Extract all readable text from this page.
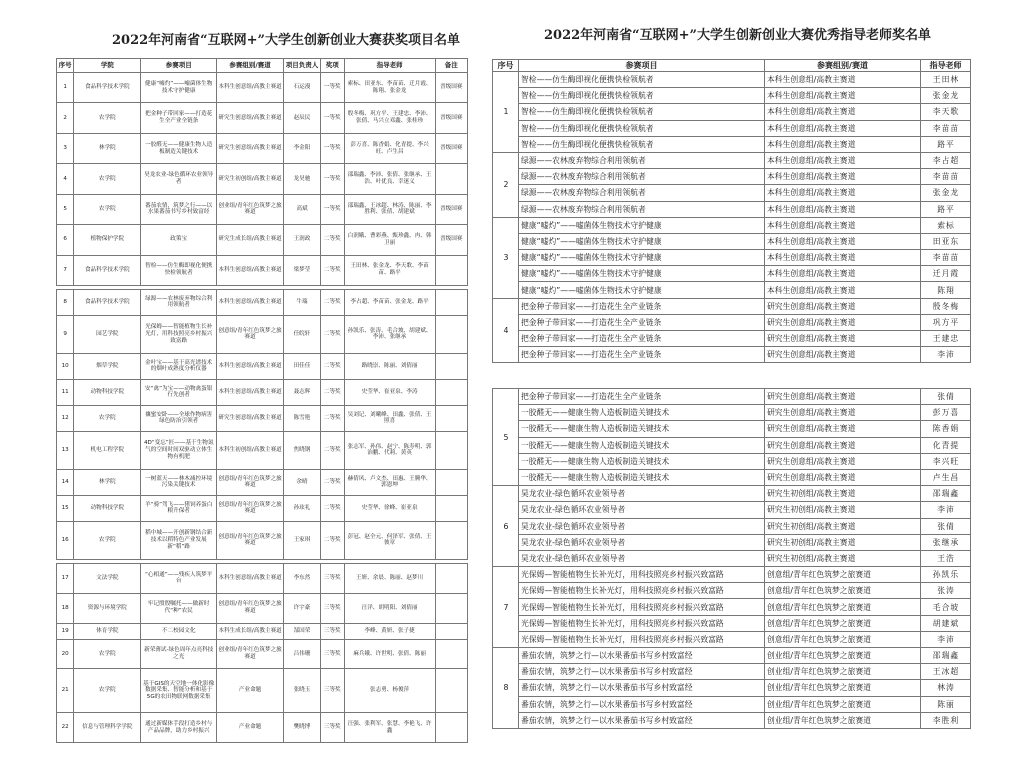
2022年河南省“互联网+”大学生创新创业大赛获奖项目名单	2022年河南省“互联网+”大学生创新创业大赛优秀指导老师奖名单
序号	学院	参赛项目	参赛组别/赛道	项目负责人	奖项	指导老师	备注
1	食品科学技术学院	健康“嘘灼”——嘘菌体生物技术守护健康	本科生创意组/高教主赛道	石运漫	一等奖	索标、田亚东、李苗苗、迁月霞、陈翔、张金龙	晋级国赛
2	农学院	把金种子带回家——打造花生全产业全链条	研究生创意组/高教主赛道	赵辰民	一等奖	殷冬梅、巩方平、王建忠、李沛、张倩、马兴立邓鑫、张桂珍	晋级国赛
3	林学院	一胶醛无——健康生物人造板制造关键技术	研究生创意组/高教主赛道	李金阳	一等奖	彭万喜、陈香娟、化青提、李兴旺、卢生昌	晋级国赛
4	农学院	昊龙农业-绿色循环农业领导者	研究生初创组/高教主赛道	龙昊驰	一等奖	邵瑞鑫、李沛、张倩、张继承、王浩、叶优良、幸迷义	
5	农学院	番茄农情，筑梦之行——以水果番茄书写乡村致富经	创业组/青年红色筑梦之旅赛道	高斌	一等奖	邵瑞鑫、王冰超、林涛、陈丽、李胜利、张倩、胡建斌	晋级国赛
6	植物保护学院	政策宝	研究生成长组/高教主赛道	王润政	二等奖	白润娥、曹彩燕、甄珍鑫、冉、韩卫丽	晋级国赛
7	食品科学技术学院	智检——仿生酶即视化便携快检领航者	本科生创意组/高教主赛道	梁梦莹	二等奖	王田林、张金龙、李天歌、李苗苗、路平	
8	食品科学技术学院	绿源——农林废弃物综合利用领航者	本科生创意组/高教主赛道	牛瑞	二等奖	李占超、李苗苗、张金龙、路平	
9	园艺学院	光保姆——智能植物生长补光灯，用科技照亮乡村振兴致富路	创意组/青年红色筑梦之旅赛道	任皖轩	二等奖	孙凯乐、张涛、毛合坡、胡建斌、李沛、张继承	
10	烟草学院	金叶宝——基于高光谱技术的烟叶成熟度分析仪器	本科生创意组/高教主赛道	田佳佳	二等奖	路晓崇、陈丽、刘倩丽	
11	动物科技学院	安“禽”为宝——动物禽蛋银行先创者	本科生创意组/高教主赛道	聂志辉	二等奖	史莹华、崔亚泉、李涛	
12	农学院	禳蜜安卧——全球作物病害绿色防治引领者	研究生创意组/高教主赛道	陈雪艳	二等奖	吴刘记、刘曦峰、田鑫、张倩、王照喜	
13	机电工程学院	4D“变忘”匠——基于生物氮气的空间时间双驱动立体生物有机肥	本科生初创组/高教主赛道	焦晓钢	二等奖	张志军、孙伟、赵宁、陈寿明、郭治鹏、代莉、黄英	
14	林学院	一树蓝天——林木减控环境污染关键技术	创意组/青年红色筑梦之旅赛道	余晴	二等奖	赫倩风、卢文杰、田惠、王腾华、郭恩坤	
15	动物科技学院	羊“骑”驾飞——猪饲养蛋白粮升保者	创意组/青年红色筑梦之旅赛道	孙玹礼	二等奖	史莹华、徐峰、崔亚泉	
16	农学院	稻中城——开创新钢结合新技术以稻特色产业发展新“稻”路	创意组/青年红色筑梦之旅赛道	王家琪	二等奖	彭冠、赵全元、何泽军、张倩、王彼章	
17	文法学院	“心相通”——残疾人筑梦平台	本科生创意组/高教主赛道	李东然	三等奖	王妍、余晨、陈丽、赵梦川	
18	资源与环境学院	牢记殷殷嘱托——做新时代“种”农民	创意组/青年红色筑梦之旅赛道	许宇豪	三等奖	汪洋、胡明阳、刘倩丽	
19	体育学院	不二校园文化	本科生成长组/高教主赛道	郜国荣	三等奖	李峰、黄妍、张子捷	
20	农学院	新荣薄试-绿色周年点亮科技之光	创业组/青年红色筑梦之旅赛道	吕伟珊	三等奖	麻兵娥、许世明、张倩、陈丽	
21	农学院	基于GIS的天空地一体化影像数据采集、智能分析和基于5G的农田物联网数据采集	产业命题	张晓玉	三等奖	张志勇、杨俊萍	
22	信息与管理科学学院	通过新媒体手段打造乡村与产品品牌，助力乡村振兴	产业命题	樊晓博	三等奖	汪强、张利军、张慧、李艳飞、许鑫	
序号	参赛项目	参赛组别/赛道	指导老师
1	智检——仿生酶即视化便携快检领航者	本科生创意组/高教主赛道	王田林
	智检——仿生酶即视化便携快检领航者	本科生创意组/高教主赛道	张金龙
	智检——仿生酶即视化便携快检领航者	本科生创意组/高教主赛道	李天歌
	智检——仿生酶即视化便携快检领航者	本科生创意组/高教主赛道	李苗苗
	智检——仿生酶即视化便携快检领航者	本科生创意组/高教主赛道	路平
2	绿源——农林废弃物综合利用领航者	本科生创意组/高教主赛道	李占超
	绿源——农林废弃物综合利用领航者	本科生创意组/高教主赛道	李苗苗
	绿源——农林废弃物综合利用领航者	本科生创意组/高教主赛道	张金龙
	绿源——农林废弃物综合利用领航者	本科生创意组/高教主赛道	路平
3	健康“嘘灼”——嘘菌体生物技术守护健康	本科生创意组/高教主赛道	索标
	健康“嘘灼”——嘘菌体生物技术守护健康	本科生创意组/高教主赛道	田亚东
	健康“嘘灼”——嘘菌体生物技术守护健康	本科生创意组/高教主赛道	李苗苗
	健康“嘘灼”——嘘菌体生物技术守护健康	本科生创意组/高教主赛道	迁月霞
	健康“嘘灼”——嘘菌体生物技术守护健康	本科生创意组/高教主赛道	陈翔
4	把金种子带回家——打造花生全产业链条	研究生创意组/高教主赛道	殷冬梅
	把金种子带回家——打造花生全产业链条	研究生创意组/高教主赛道	巩方平
	把金种子带回家——打造花生全产业链条	研究生创意组/高教主赛道	王建忠
	把金种子带回家——打造花生全产业链条	研究生创意组/高教主赛道	李沛
5	把金种子带回家——打造花生全产业链条	研究生创意组/高教主赛道	张倩
	一胶醛无——健康生物人造板制造关键技术	研究生创意组/高教主赛道	彭万喜
	一胶醛无——健康生物人造板制造关键技术	研究生创意组/高教主赛道	陈香娟
	一胶醛无——健康生物人造板制造关键技术	研究生创意组/高教主赛道	化青提
	一胶醛无——健康生物人造板制造关键技术	研究生创意组/高教主赛道	李兴旺
	一胶醛无——健康生物人造板制造关键技术	研究生创意组/高教主赛道	卢生昌
6	昊龙农业-绿色循环农业领导者	研究生初创组/高教主赛道	邵瑞鑫
	昊龙农业-绿色循环农业领导者	研究生初创组/高教主赛道	李沛
	昊龙农业-绿色循环农业领导者	研究生初创组/高教主赛道	张倩
	昊龙农业-绿色循环农业领导者	研究生初创组/高教主赛道	张继承
	昊龙农业-绿色循环农业领导者	研究生初创组/高教主赛道	王浩
7	光保姆—智能植物生长补光灯，用科技照亮乡村振兴致富路	创意组/青年红色筑梦之旅赛道	孙凯乐
	光保姆—智能植物生长补光灯，用科技照亮乡村振兴致富路	创意组/青年红色筑梦之旅赛道	张涛
	光保姆—智能植物生长补光灯，用科技照亮乡村振兴致富路	创意组/青年红色筑梦之旅赛道	毛合坡
	光保姆—智能植物生长补光灯，用科技照亮乡村振兴致富路	创意组/青年红色筑梦之旅赛道	胡建斌
	光保姆—智能植物生长补光灯，用科技照亮乡村振兴致富路	创意组/青年红色筑梦之旅赛道	李沛
8	番茄农情，筑梦之行—以水果番茄书写乡村致富经	创业组/青年红色筑梦之旅赛道	邵瑞鑫
	番茄农情，筑梦之行—以水果番茄书写乡村致富经	创业组/青年红色筑梦之旅赛道	王冰超
	番茄农情，筑梦之行—以水果番茄书写乡村致富经	创业组/青年红色筑梦之旅赛道	林涛
	番茄农情，筑梦之行—以水果番茄书写乡村致富经	创业组/青年红色筑梦之旅赛道	陈丽
	番茄农情，筑梦之行—以水果番茄书写乡村致富经	创业组/青年红色筑梦之旅赛道	李胜利
